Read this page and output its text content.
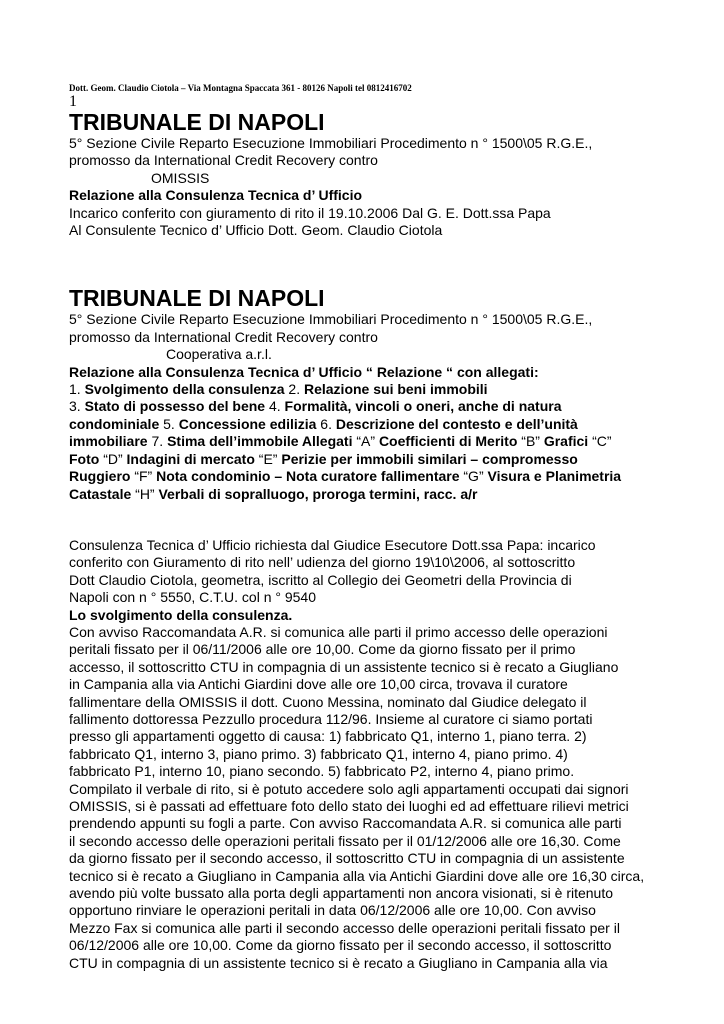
Dott. Geom. Claudio Ciotola – Via Montagna Spaccata 361 - 80126 Napoli tel 0812416702

1

TRIBUNALE DI NAPOLI

5° Sezione Civile Reparto Esecuzione Immobiliari Procedimento n ° 1500\05 R.G.E.,

promosso da International Credit Recovery contro

OMISSIS

Relazione alla Consulenza Tecnica d’ Ufficio

Incarico conferito con giuramento di rito il 19.10.2006 Dal G. E. Dott.ssa Papa

Al Consulente Tecnico d’ Ufficio Dott. Geom. Claudio Ciotola

TRIBUNALE DI NAPOLI

5° Sezione Civile Reparto Esecuzione Immobiliari Procedimento n ° 1500\05 R.G.E.,

promosso da International Credit Recovery contro

Cooperativa a.r.l.

Relazione alla Consulenza Tecnica d’ Ufficio “ Relazione “ con allegati:

1. Svolgimento della consulenza 2. Relazione sui beni immobili

3. Stato di possesso del bene 4. Formalità, vincoli o oneri, anche di natura

condominiale 5. Concessione edilizia 6. Descrizione del contesto e dell’unità

immobiliare 7. Stima dell’immobile Allegati “A” Coefficienti di Merito “B” Grafici “C”

Foto “D” Indagini di mercato “E” Perizie per immobili similari – compromesso

Ruggiero “F” Nota condominio – Nota curatore fallimentare “G” Visura e Planimetria

Catastale “H” Verbali di sopralluogo, proroga termini, racc. a/r

Consulenza Tecnica d’ Ufficio richiesta dal Giudice Esecutore Dott.ssa Papa: incarico

conferito con Giuramento di rito nell’ udienza del giorno 19\10\2006, al sottoscritto

Dott Claudio Ciotola, geometra, iscritto al Collegio dei Geometri della Provincia di

Napoli con n ° 5550, C.T.U. col n ° 9540

Lo svolgimento della consulenza.

Con avviso Raccomandata A.R. si comunica alle parti il primo accesso delle operazioni

peritali fissato per il 06/11/2006 alle ore 10,00. Come da giorno fissato per il primo

accesso, il sottoscritto CTU in compagnia di un assistente tecnico si è recato a Giugliano

in Campania alla via Antichi Giardini dove alle ore 10,00 circa, trovava il curatore

fallimentare della OMISSIS il dott. Cuono Messina, nominato dal Giudice delegato il

fallimento dottoressa Pezzullo procedura 112/96. Insieme al curatore ci siamo portati

presso gli appartamenti oggetto di causa: 1) fabbricato Q1, interno 1, piano terra. 2)

fabbricato Q1, interno 3, piano primo. 3) fabbricato Q1, interno 4, piano primo. 4)

fabbricato P1, interno 10, piano secondo. 5) fabbricato P2, interno 4, piano primo.

Compilato il verbale di rito, si è potuto accedere solo agli appartamenti occupati dai signori

OMISSIS, si è passati ad effettuare foto dello stato dei luoghi ed ad effettuare rilievi metrici

prendendo appunti su fogli a parte. Con avviso Raccomandata A.R. si comunica alle parti

il secondo accesso delle operazioni peritali fissato per il 01/12/2006 alle ore 16,30. Come

da giorno fissato per il secondo accesso, il sottoscritto CTU in compagnia di un assistente

tecnico si è recato a Giugliano in Campania alla via Antichi Giardini dove alle ore 16,30 circa,

avendo più volte bussato alla porta degli appartamenti non ancora visionati, si è ritenuto

opportuno rinviare le operazioni peritali in data 06/12/2006 alle ore 10,00. Con avviso

Mezzo Fax si comunica alle parti il secondo accesso delle operazioni peritali fissato per il

06/12/2006 alle ore 10,00. Come da giorno fissato per il secondo accesso, il sottoscritto

CTU in compagnia di un assistente tecnico si è recato a Giugliano in Campania alla via
